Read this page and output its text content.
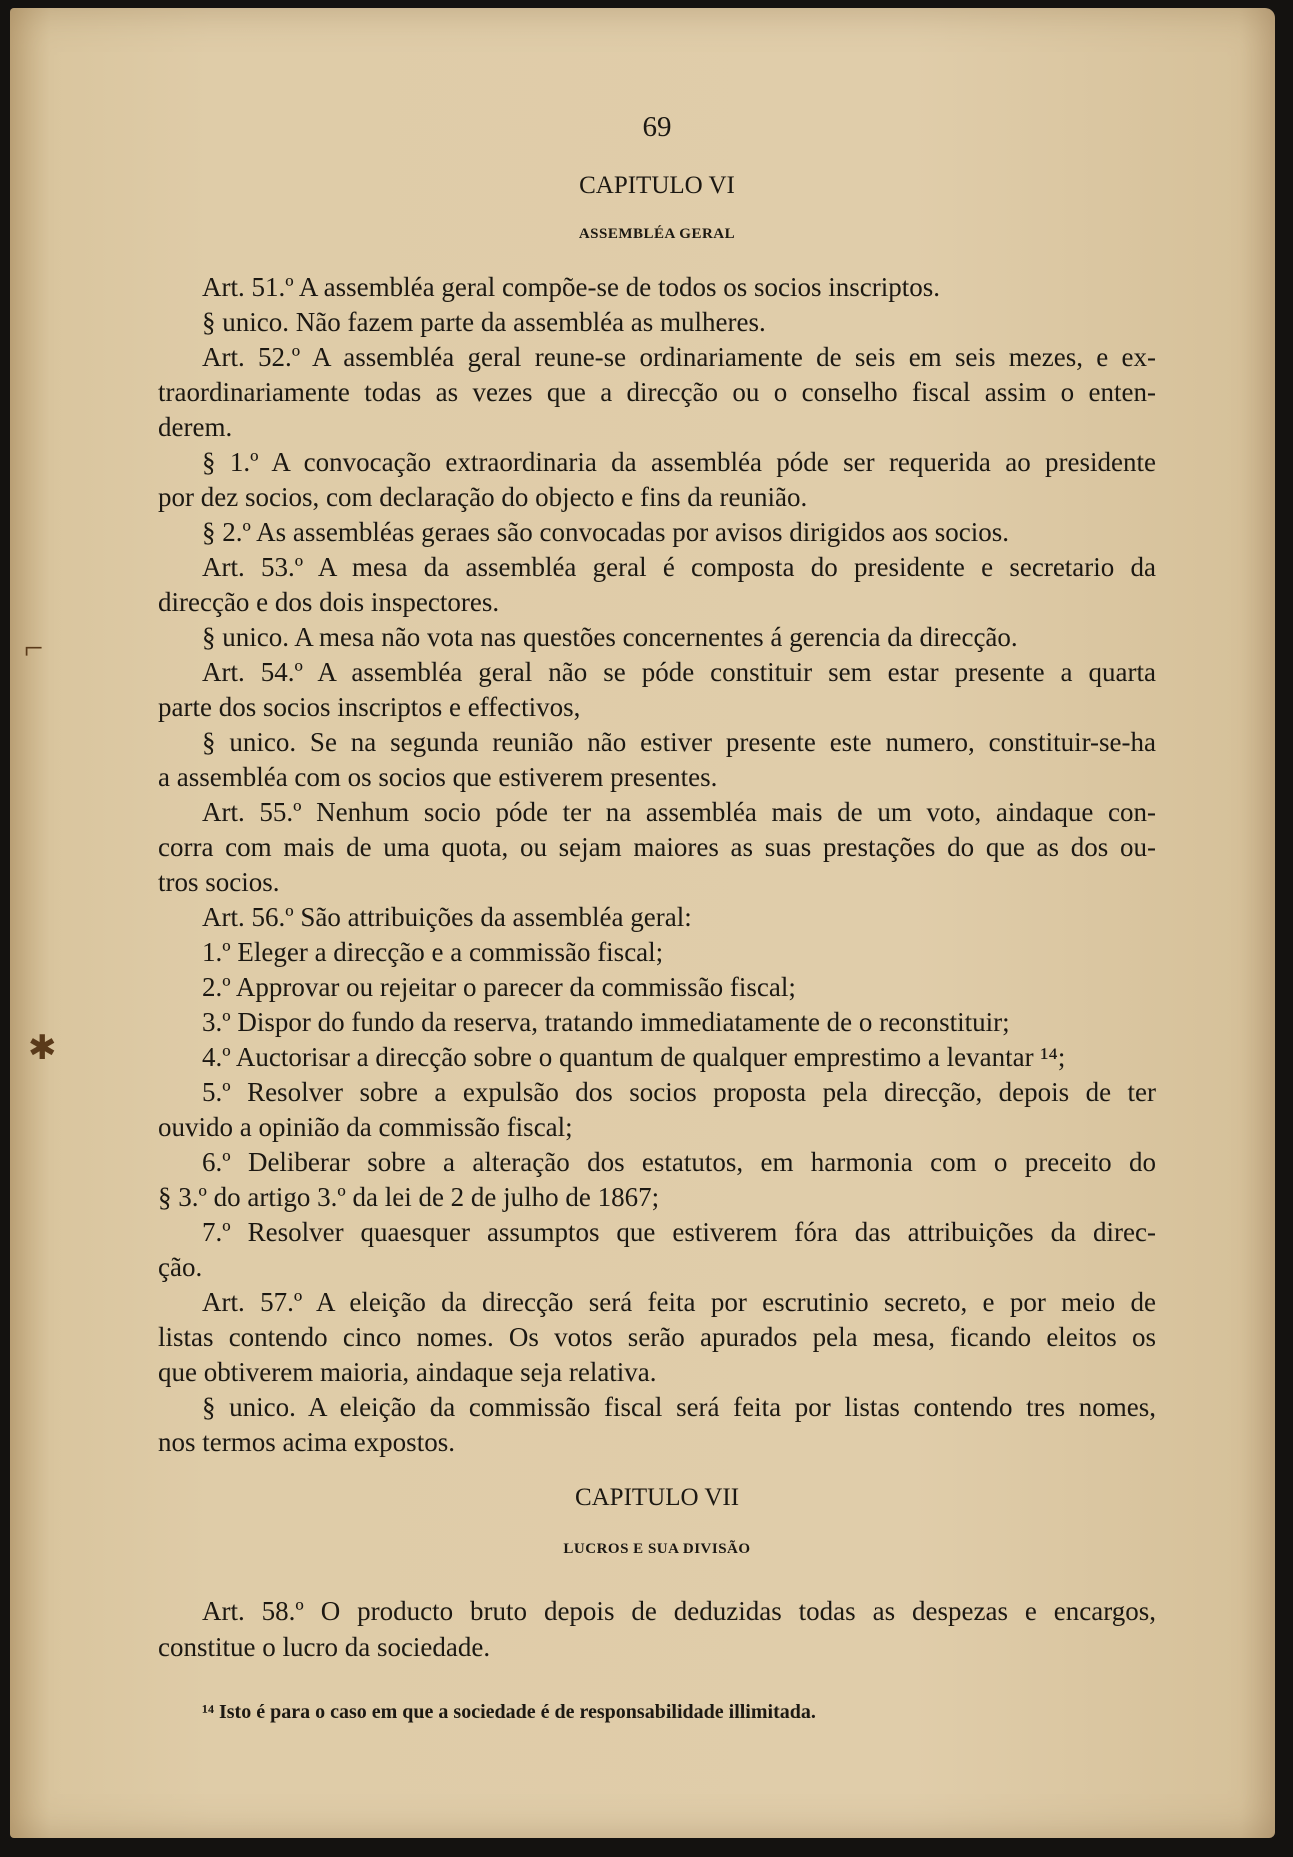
69
CAPITULO VI
ASSEMBLÉA GERAL
Art. 51.º A assembléa geral compõe-se de todos os socios inscriptos.
§ unico. Não fazem parte da assembléa as mulheres.
Art. 52.º A assembléa geral reune-se ordinariamente de seis em seis mezes, e ex-
traordinariamente todas as vezes que a direcção ou o conselho fiscal assim o enten-
derem.
§ 1.º A convocação extraordinaria da assembléa póde ser requerida ao presidente
por dez socios, com declaração do objecto e fins da reunião.
§ 2.º As assembléas geraes são convocadas por avisos dirigidos aos socios.
Art. 53.º A mesa da assembléa geral é composta do presidente e secretario da
direcção e dos dois inspectores.
§ unico. A mesa não vota nas questões concernentes á gerencia da direcção.
Art. 54.º A assembléa geral não se póde constituir sem estar presente a quarta
parte dos socios inscriptos e effectivos,
§ unico. Se na segunda reunião não estiver presente este numero, constituir-se-ha
a assembléa com os socios que estiverem presentes.
Art. 55.º Nenhum socio póde ter na assembléa mais de um voto, aindaque con-
corra com mais de uma quota, ou sejam maiores as suas prestações do que as dos ou-
tros socios.
Art. 56.º São attribuições da assembléa geral:
1.º Eleger a direcção e a commissão fiscal;
2.º Approvar ou rejeitar o parecer da commissão fiscal;
3.º Dispor do fundo da reserva, tratando immediatamente de o reconstituir;
4.º Auctorisar a direcção sobre o quantum de qualquer emprestimo a levantar ¹⁴;
5.º Resolver sobre a expulsão dos socios proposta pela direcção, depois de ter
ouvido a opinião da commissão fiscal;
6.º Deliberar sobre a alteração dos estatutos, em harmonia com o preceito do
§ 3.º do artigo 3.º da lei de 2 de julho de 1867;
7.º Resolver quaesquer assumptos que estiverem fóra das attribuições da direc-
ção.
Art. 57.º A eleição da direcção será feita por escrutinio secreto, e por meio de
listas contendo cinco nomes. Os votos serão apurados pela mesa, ficando eleitos os
que obtiverem maioria, aindaque seja relativa.
§ unico. A eleição da commissão fiscal será feita por listas contendo tres nomes,
nos termos acima expostos.
CAPITULO VII
LUCROS E SUA DIVISÃO
Art. 58.º O producto bruto depois de deduzidas todas as despezas e encargos,
constitue o lucro da sociedade.
¹⁴ Isto é para o caso em que a sociedade é de responsabilidade illimitada.
⌐
✱
